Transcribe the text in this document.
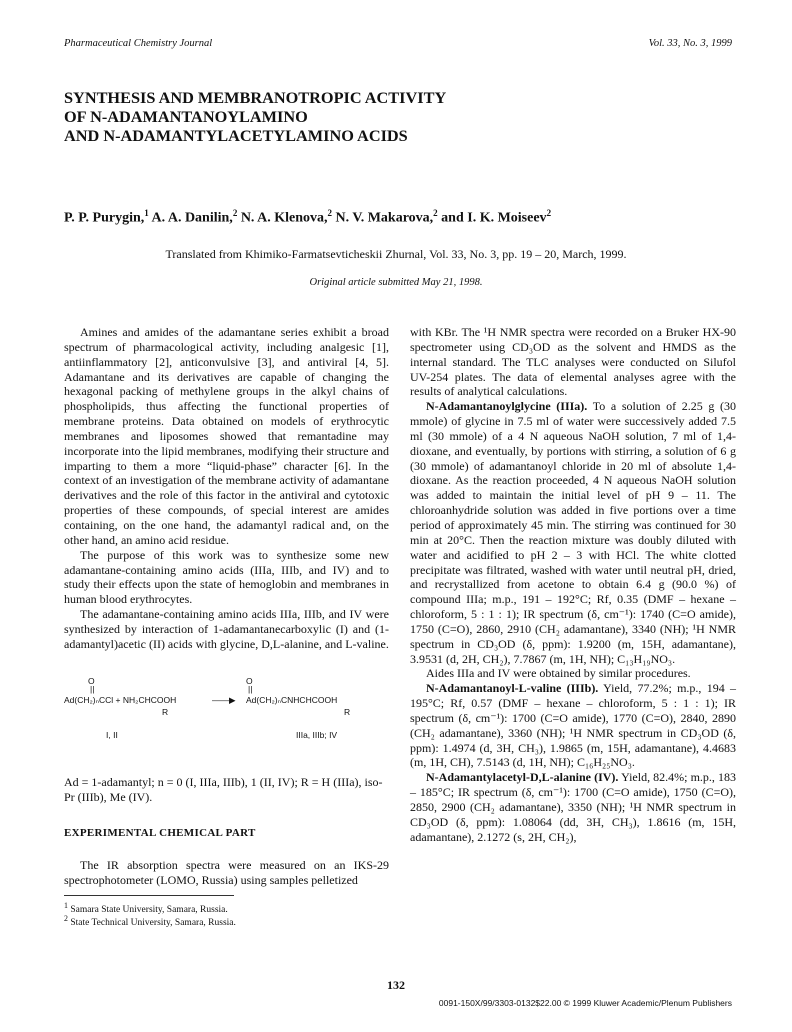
Pharmaceutical Chemistry Journal	Vol. 33, No. 3, 1999
SYNTHESIS AND MEMBRANOTROPIC ACTIVITY
OF N-ADAMANTANOYLAMINO
AND N-ADAMANTYLACETYLAMINO ACIDS
P. P. Purygin,$^1$ A. A. Danilin,$^2$ N. A. Klenova,$^2$ N. V. Makarova,$^2$ and I. K. Moiseev$^2$
Translated from Khimiko-Farmatsevticheskii Zhurnal, Vol. 33, No. 3, pp. 19 – 20, March, 1999.
Original article submitted May 21, 1998.

Amines and amides of the adamantane series exhibit a broad spectrum of pharmacological activity, including analgesic [1], antiinflammatory [2], anticonvulsive [3], and antiviral [4, 5]. Adamantane and its derivatives are capable of changing the hexagonal packing of methylene groups in the alkyl chains of phospholipids, thus affecting the functional properties of membrane proteins. Data obtained on models of erythrocytic membranes and liposomes showed that remantadine may incorporate into the lipid membranes, modifying their structure and imparting to them a more “liquid-phase” character [6]. In the context of an investigation of the membrane activity of adamantane derivatives and the role of this factor in the antiviral and cytotoxic properties of these compounds, of special interest are amides containing, on the one hand, the adamantyl radical and, on the other hand, an amino acid residue.

The purpose of this work was to synthesize some new adamantane-containing amino acids (IIIa, IIIb, and IV) and to study their effects upon the state of hemoglobin and membranes in human blood erythrocytes.

The adamantane-containing amino acids IIIa, IIIb, and IV were synthesized by interaction of 1-adamantanecarboxylic (I) and (1-adamantyl)acetic (II) acids with glycine, D,L-alanine, and L-valine.

O	O
||	||
Ad(CH₂)ₙCCl + NH₂CHCOOH	——▶ Ad(CH₂)ₙCNHCHCOOH
R	R
I, II	IIIa, IIIb; IV
Ad = 1-adamantyl; n = 0 (I, IIIa, IIIb), 1 (II, IV); R = H (IIIa), iso-Pr (IIIb), Me (IV).
EXPERIMENTAL CHEMICAL PART

The IR absorption spectra were measured on an IKS-29 spectrophotometer (LOMO, Russia) using samples pelletized

$^1$ Samara State University, Samara, Russia.
$^2$ State Technical University, Samara, Russia.

with KBr. The ¹H NMR spectra were recorded on a Bruker HX-90 spectrometer using CD₃OD as the solvent and HMDS as the internal standard. The TLC analyses were conducted on Silufol UV-254 plates. The data of elemental analyses agree with the results of analytical calculations.

N-Adamantanoylglycine (IIIa). To a solution of 2.25 g (30 mmole) of glycine in 7.5 ml of water were successively added 7.5 ml (30 mmole) of a 4 N aqueous NaOH solution, 7 ml of 1,4-dioxane, and eventually, by portions with stirring, a solution of 6 g (30 mmole) of adamantanoyl chloride in 20 ml of absolute 1,4-dioxane. As the reaction proceeded, 4 N aqueous NaOH solution was added to maintain the initial level of pH 9 – 11. The chloroanhydride solution was added in five portions over a time period of approximately 45 min. The stirring was continued for 30 min at 20°C. Then the reaction mixture was doubly diluted with water and acidified to pH 2 – 3 with HCl. The white clotted precipitate was filtrated, washed with water until neutral pH, dried, and recrystallized from acetone to obtain 6.4 g (90.0 %) of compound IIIa; m.p., 191 – 192°C; Rf, 0.35 (DMF – hexane – chloroform, 5 : 1 : 1); IR spectrum (δ, cm⁻¹): 1740 (C=O amide), 1750 (C=O), 2860, 2910 (CH₂ adamantane), 3340 (NH); ¹H NMR spectrum in CD₃OD (δ, ppm): 1.9200 (m, 15H, adamantane), 3.9531 (d, 2H, CH₂), 7.7867 (m, 1H, NH); C₁₃H₁₉NO₃.

Aides IIIa and IV were obtained by similar procedures.

N-Adamantanoyl-L-valine (IIIb). Yield, 77.2%; m.p., 194 – 195°C; Rf, 0.57 (DMF – hexane – chloroform, 5 : 1 : 1); IR spectrum (δ, cm⁻¹): 1700 (C=O amide), 1770 (C=O), 2840, 2890 (CH₂ adamantane), 3360 (NH); ¹H NMR spectrum in CD₃OD (δ, ppm): 1.4974 (d, 3H, CH₃), 1.9865 (m, 15H, adamantane), 4.4683 (m, 1H, CH), 7.5143 (d, 1H, NH); C₁₆H₂₅NO₃.

N-Adamantylacetyl-D,L-alanine (IV). Yield, 82.4%; m.p., 183 – 185°C; IR spectrum (δ, cm⁻¹): 1700 (C=O amide), 1750 (C=O), 2850, 2900 (CH₂ adamantane), 3350 (NH); ¹H NMR spectrum in CD₃OD (δ, ppm): 1.08064 (dd, 3H, CH₃), 1.8616 (m, 15H, adamantane), 2.1272 (s, 2H, CH₂),

132
0091-150X/99/3303-0132$22.00 © 1999 Kluwer Academic/Plenum Publishers
